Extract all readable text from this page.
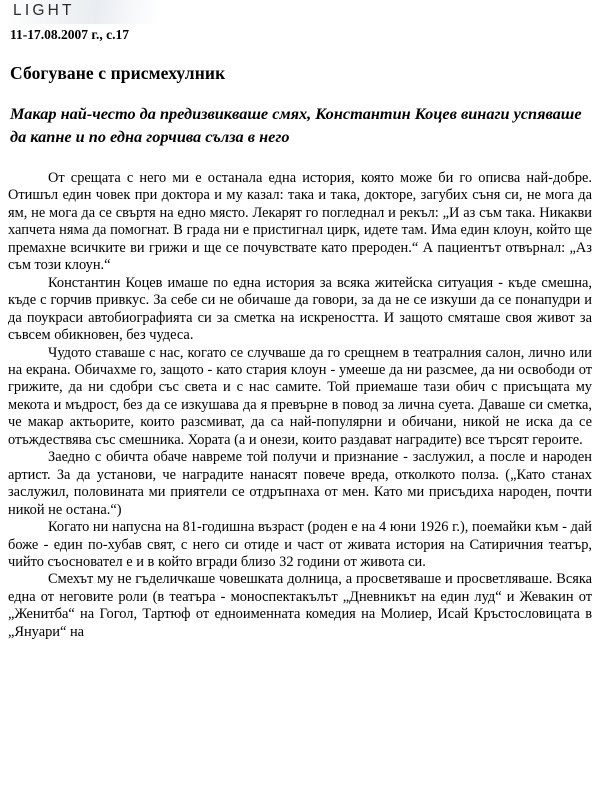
LIGHT
11-17.08.2007 г., с.17
Сбогуване с присмехулник
Макар най-често да предизвикваше смях, Константин Коцев винаги успяваше да капне и по една горчива сълза в него

От срещата с него ми е останала една история, която може би го описва най-добре. Отишъл един човек при доктора и му казал: така и така, докторе, загубих съня си, не мога да ям, не мога да се свъртя на едно място. Лекарят го погледнал и рекъл: „И аз съм така. Никакви хапчета няма да помогнат. В града ни е пристигнал цирк, идете там. Има един клоун, който ще премахне всичките ви грижи и ще се почувствате като прероден.“ А пациентът отвърнал: „Аз съм този клоун.“

Константин Коцев имаше по една история за всяка житейска ситуация - къде смешна, къде с горчив привкус. За себе си не обичаше да говори, за да не се изкуши да се понапудри и да поукраси автобиографията си за сметка на искреността. И защото смяташе своя живот за съвсем обикновен, без чудеса.

Чудото ставаше с нас, когато се случваше да го срещнем в театралния салон, лично или на екрана. Обичахме го, защото - като стария клоун - умееше да ни разсмее, да ни освободи от грижите, да ни сдобри със света и с нас самите. Той приемаше тази обич с присъщата му мекота и мъдрост, без да се изкушава да я превърне в повод за лична суета. Даваше си сметка, че макар актьорите, които разсмиват, да са най-популярни и обичани, никой не иска да се отъждествява със смешника. Хората (а и онези, които раздават наградите) все търсят героите.

Заедно с обичта обаче навреме той получи и признание - заслужил, а после и народен артист. За да установи, че наградите нанасят повече вреда, отколкото полза. („Като станах заслужил, половината ми приятели се отдръпнаха от мен. Като ми присъдиха народен, почти никой не остана.“)

Когато ни напусна на 81-годишна възраст (роден е на 4 юни 1926 г.), поемайки към - дай боже - един по-хубав свят, с него си отиде и част от живата история на Сатиричния театър, чийто съосновател е и в който вгради близо 32 години от живота си.

Смехът му не гъделичкаше човешката долница, а просветяваше и просветляваше. Всяка една от неговите роли (в театъра - моноспектакълът „Дневникът на един луд“ и Жевакин от „Женитба“ на Гогол, Тартюф от едноименната комедия на Молиер, Исай Кръстословицата в „Януари“ на
